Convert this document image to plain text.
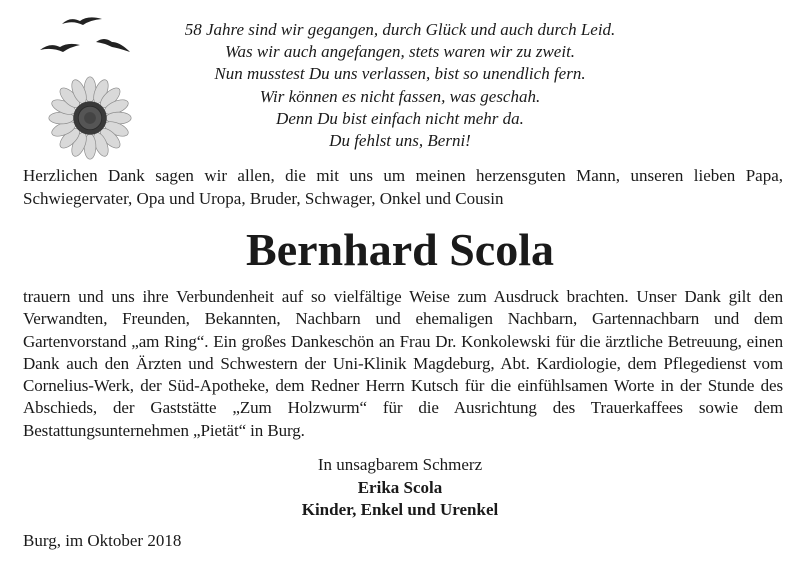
58 Jahre sind wir gegangen, durch Glück und auch durch Leid.
Was wir auch angefangen, stets waren wir zu zweit.
Nun musstest Du uns verlassen, bist so unendlich fern.
Wir können es nicht fassen, was geschah.
Denn Du bist einfach nicht mehr da.
Du fehlst uns, Berni!
Herzlichen Dank sagen wir allen, die mit uns um meinen herzensguten Mann, unseren lieben Papa, Schwiegervater, Opa und Uropa, Bruder, Schwager, Onkel und Cousin
Bernhard Scola
trauern und uns ihre Verbundenheit auf so vielfältige Weise zum Ausdruck brachten. Unser Dank gilt den Verwandten, Freunden, Bekannten, Nachbarn und ehemaligen Nachbarn, Gartennachbarn und dem Gartenvorstand „am Ring“. Ein großes Dankeschön an Frau Dr. Konkolewski für die ärztliche Betreuung, einen Dank auch den Ärzten und Schwestern der Uni-Klinik Magdeburg, Abt. Kardiologie, dem Pflegedienst vom Cornelius-Werk, der Süd-Apotheke, dem Redner Herrn Kutsch für die einfühlsamen Worte in der Stunde des Abschieds, der Gaststätte „Zum Holzwurm“ für die Ausrichtung des Trauerkaffees sowie dem Bestattungsunternehmen „Pietät“ in Burg.
In unsagbarem Schmerz
Erika Scola
Kinder, Enkel und Urenkel
Burg, im Oktober 2018
